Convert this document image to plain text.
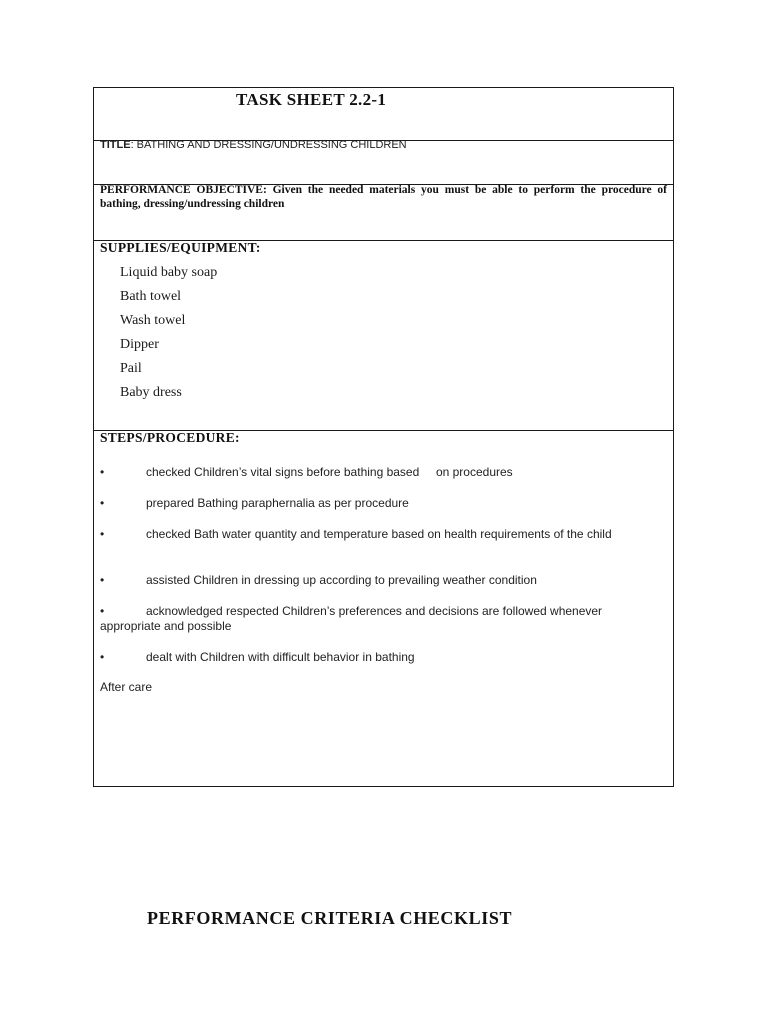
TASK SHEET 2.2-1
TITLE: BATHING AND DRESSING/UNDRESSING CHILDREN
PERFORMANCE OBJECTIVE: Given the needed materials you must be able to perform the procedure of bathing, dressing/undressing children
SUPPLIES/EQUIPMENT:
Liquid baby soap
Bath towel
Wash towel
Dipper
Pail
Baby dress
STEPS/PROCEDURE:
•	checked Children’s vital signs before bathing based     on procedures
•	prepared Bathing paraphernalia as per procedure
•	checked Bath water quantity and temperature based on health requirements of the child
•	assisted Children in dressing up according to prevailing weather condition
•	acknowledged respected Children’s preferences and decisions are followed whenever appropriate and possible
•	dealt with Children with difficult behavior in bathing
After care
PERFORMANCE CRITERIA CHECKLIST
